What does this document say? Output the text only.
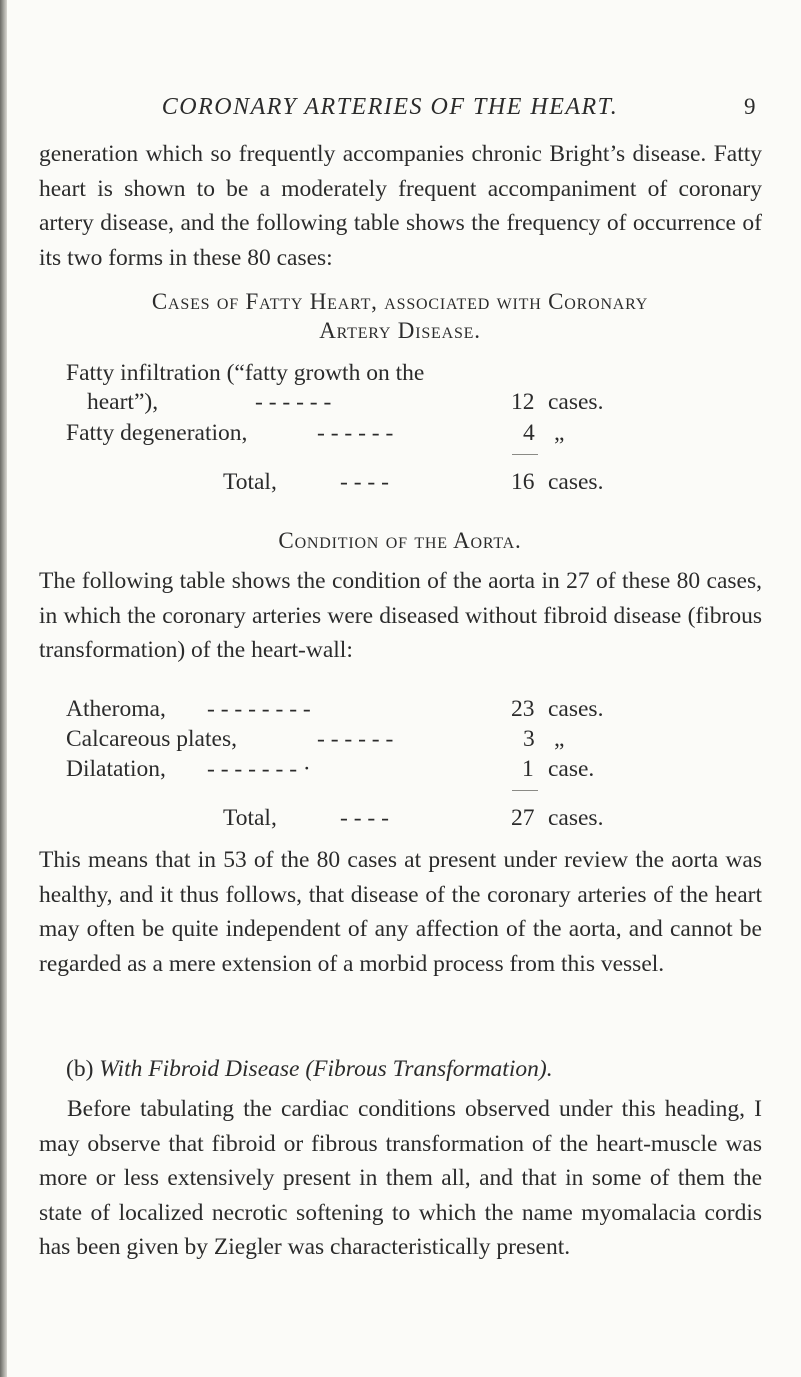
CORONARY ARTERIES OF THE HEART.	9

generation which so frequently accompanies chronic Bright’s disease. Fatty heart is shown to be a moderately frequent accompaniment of coronary artery disease, and the following table shows the frequency of occurrence of its two forms in these 80 cases:

Cases of Fatty Heart, associated with Coronary
Artery Disease.
Fatty infiltration (“fatty growth on the
heart”),	- - - - - -	12 cases.
Fatty degeneration,	- - - - - -	4 „
Total,	- - - -	16 cases.
Condition of the Aorta.

The following table shows the condition of the aorta in 27 of these 80 cases, in which the coronary arteries were diseased without fibroid disease (fibrous transformation) of the heart-wall:

Atheroma, - - - - - - - -	23 cases.
Calcareous plates,	- - - - - -	3 „
Dilatation, - - - - - - - ·	1 case.
Total,	- - - -	27 cases.

This means that in 53 of the 80 cases at present under review the aorta was healthy, and it thus follows, that disease of the coronary arteries of the heart may often be quite independent of any affection of the aorta, and cannot be regarded as a mere extension of a morbid process from this vessel.

(b) With Fibroid Disease (Fibrous Transformation).

Before tabulating the cardiac conditions observed under this heading, I may observe that fibroid or fibrous transformation of the heart-muscle was more or less extensively present in them all, and that in some of them the state of localized necrotic softening to which the name myomalacia cordis has been given by Ziegler was characteristically present.
